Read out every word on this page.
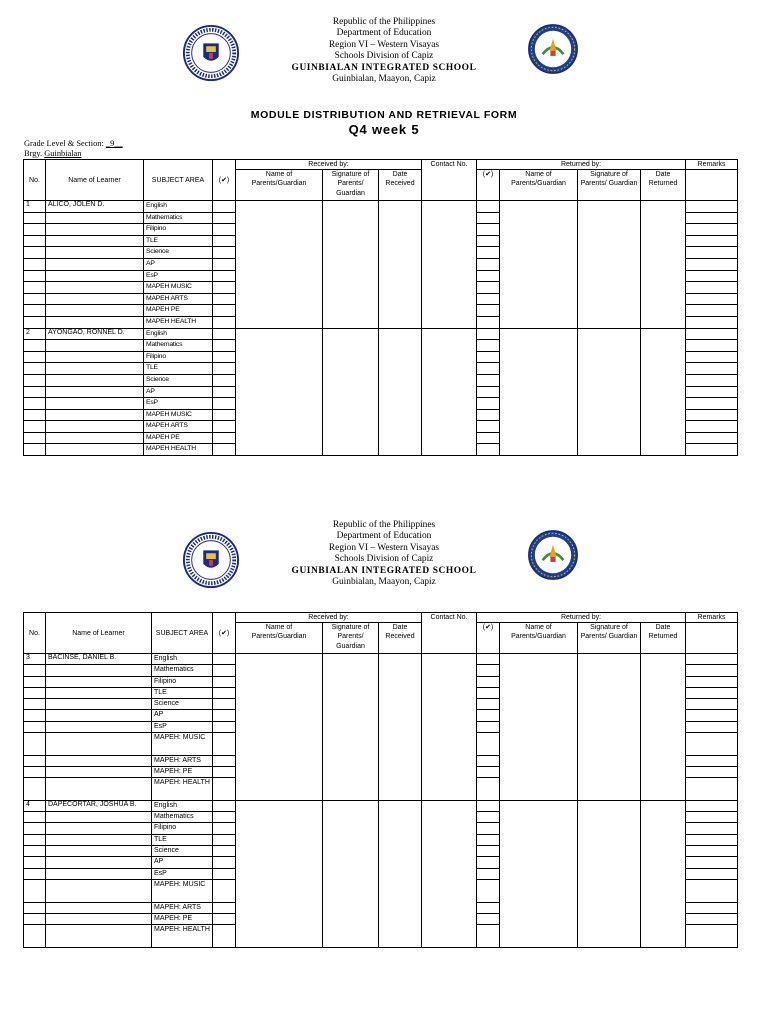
Republic of the Philippines
Department of Education
Region VI – Western Visayas
Schools Division of Capiz
GUINBIALAN INTEGRATED SCHOOL
Guinbialan, Maayon, Capiz
MODULE DISTRIBUTION AND RETRIEVAL FORM
Q4 week 5
Grade Level & Section: _9__
Brgy. Guinbialan
No.	Name of Learner	SUBJECT AREA	(✔)	Received by:			Contact No.	Returned by:				Remarks
				Name of Parents/Guardian	Signature of Parents/ Guardian	Date Received		(✔)	Name of Parents/Guardian	Signature of Parents/ Guardian	Date Returned	
1	ALICO, JOLEN D.	English										
		Mathematics										
		Filipino										
		TLE										
		Science										
		AP										
		EsP										
		MAPEH MUSIC										
		MAPEH ARTS										
		MAPEH PE										
		MAPEH HEALTH										
2	AYONGAO, RONNEL D.	English										
		Mathematics										
		Filipino										
		TLE										
		Science										
		AP										
		EsP										
		MAPEH MUSIC										
		MAPEH ARTS										
		MAPEH PE										
		MAPEH HEALTH										
Republic of the Philippines
Department of Education
Region VI – Western Visayas
Schools Division of Capiz
GUINBIALAN INTEGRATED SCHOOL
Guinbialan, Maayon, Capiz
No.	Name of Learner	SUBJECT AREA	(✔)	Received by:			Contact No.	Returned by:				Remarks
				Name of Parents/Guardian	Signature of Parents/ Guardian	Date Received		(✔)	Name of Parents/Guardian	Signature of Parents/ Guardian	Date Returned	
3	BACINSE, DANIEL B.	English										
		Mathematics										
		Filipino										
		TLE										
		Science										
		AP										
		EsP										
		MAPEH: MUSIC										
		MAPEH: ARTS										
		MAPEH: PE										
		MAPEH: HEALTH										
4	DAPECORTAR, JOSHUA B.	English										
		Mathematics										
		Filipino										
		TLE										
		Science										
		AP										
		EsP										
		MAPEH: MUSIC										
		MAPEH: ARTS										
		MAPEH: PE										
		MAPEH: HEALTH										
